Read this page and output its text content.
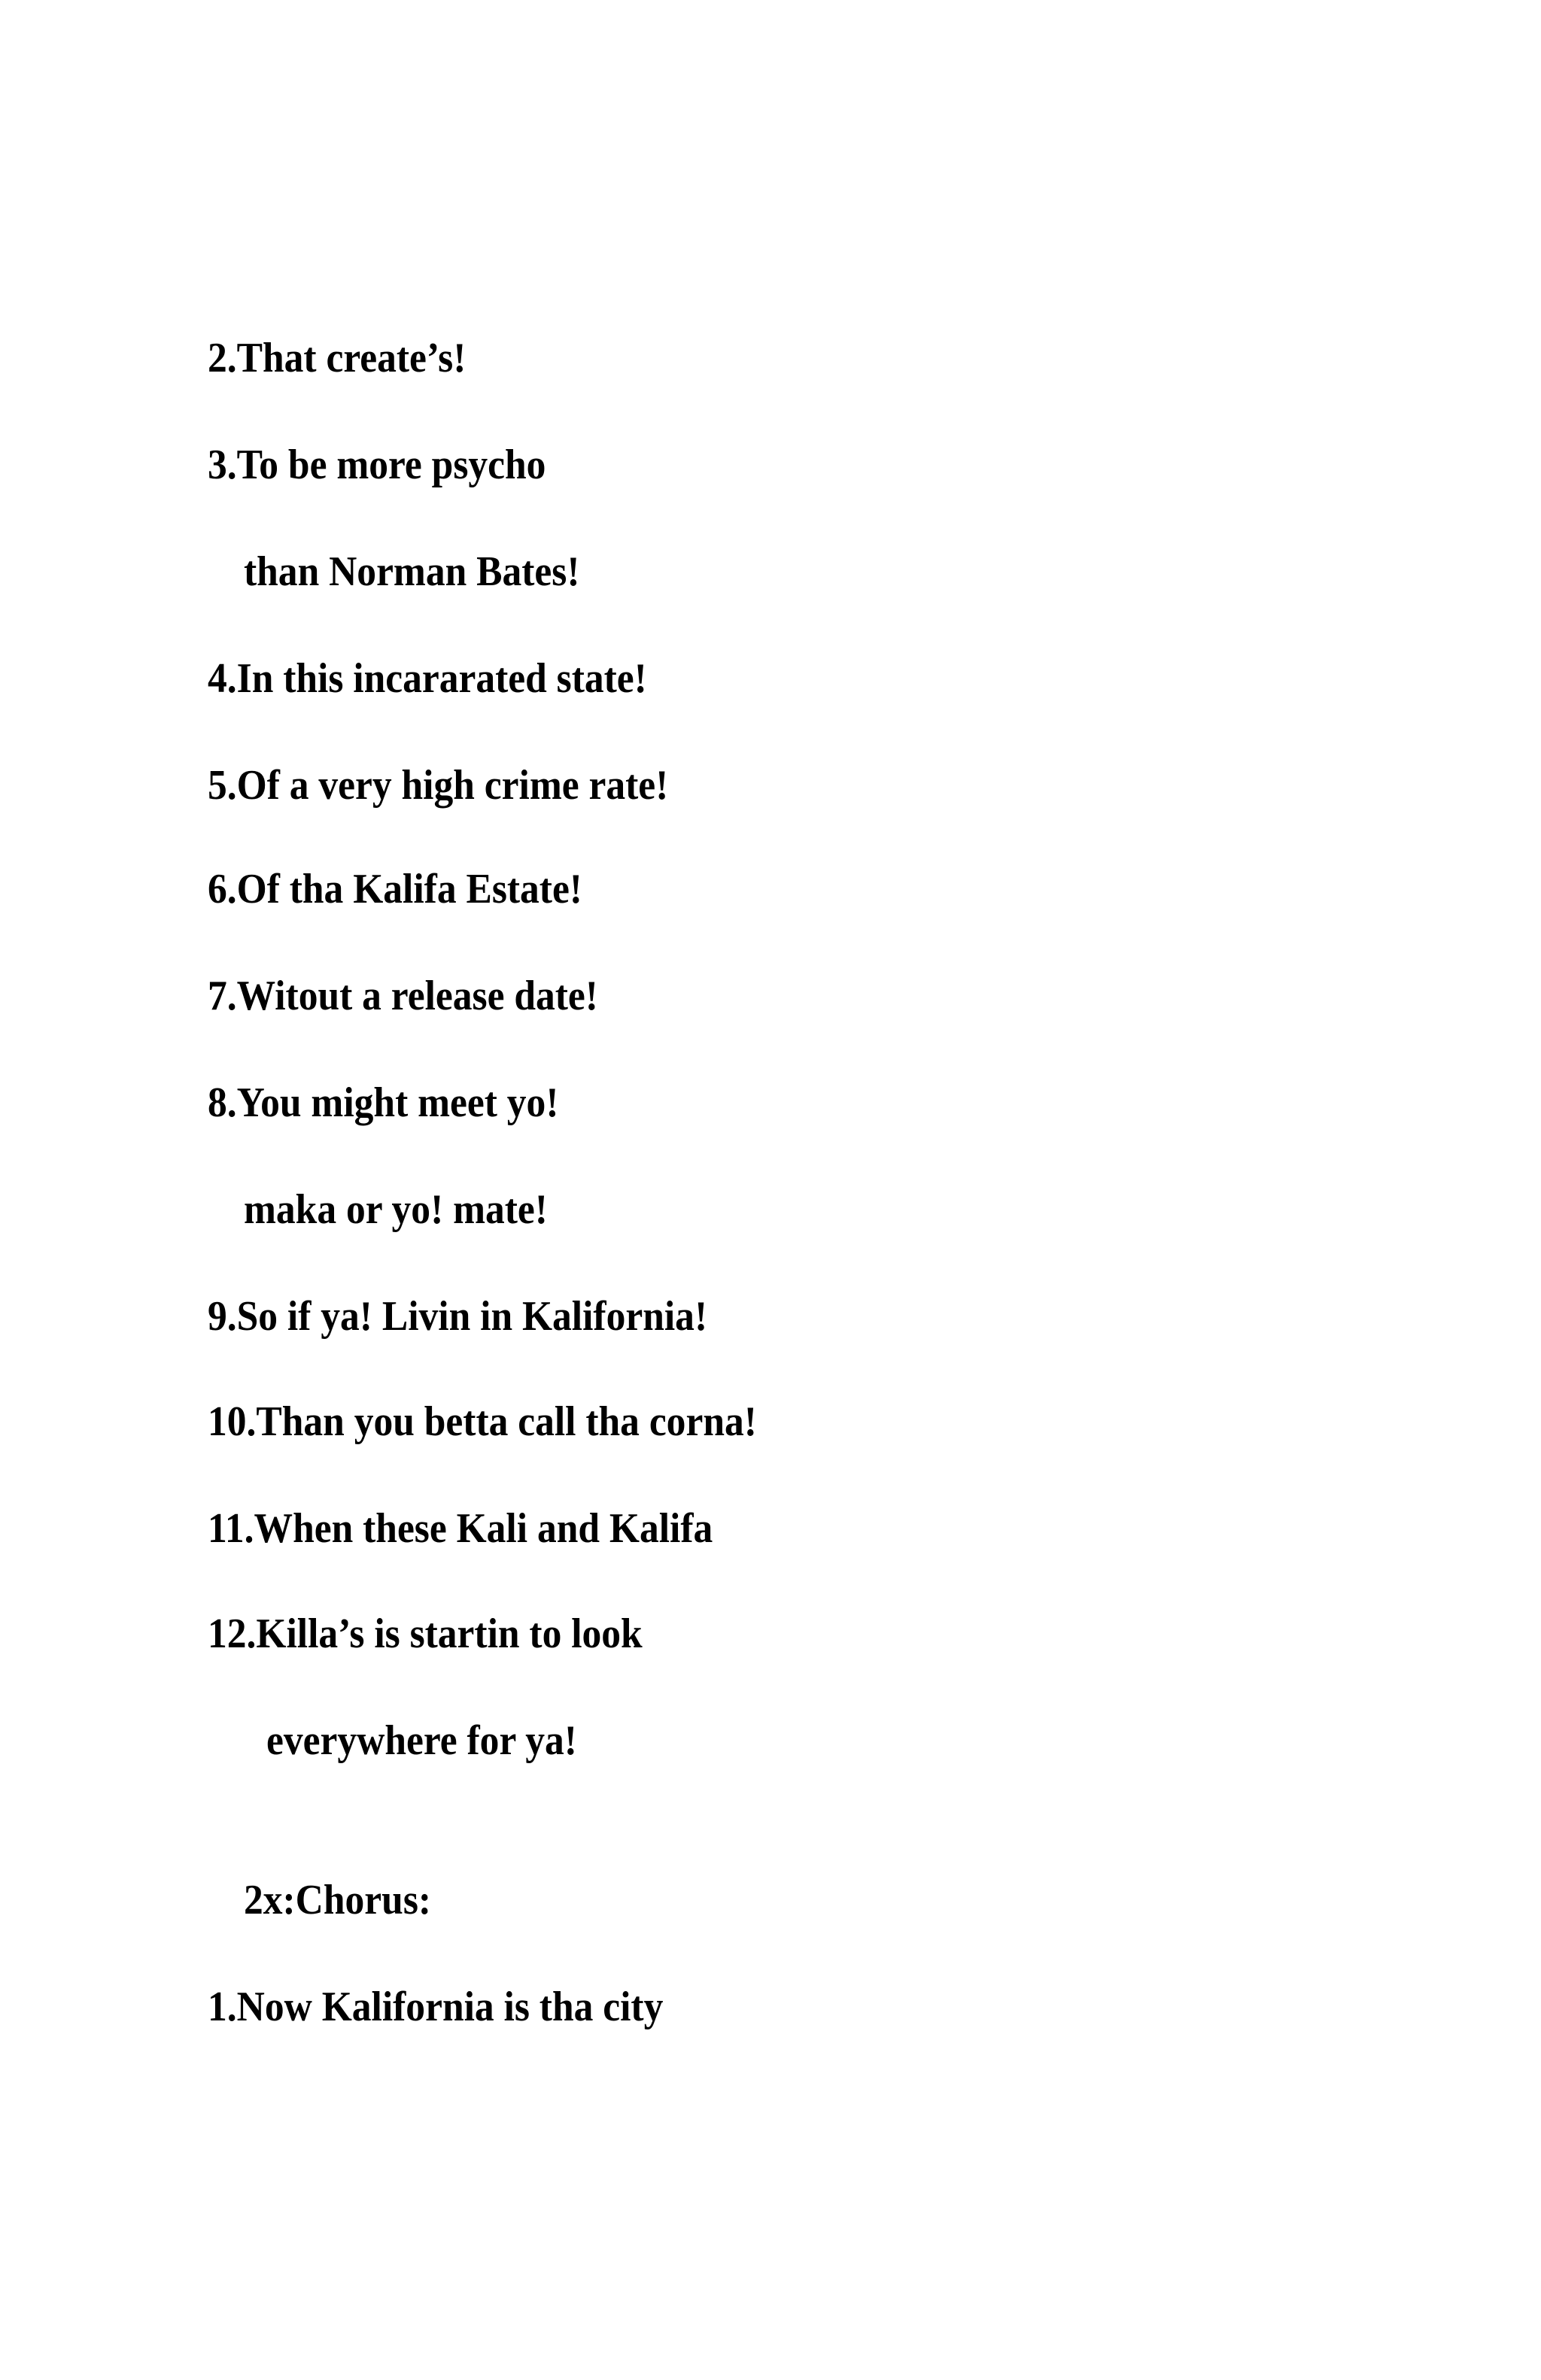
2.That create’s!

3.To be more psycho

than Norman Bates!

4.In this incararated state!

5.Of a very high crime rate!

6.Of tha Kalifa Estate!

7.Witout a release date!

8.You might meet yo!

maka or yo! mate!

9.So if ya! Livin in Kalifornia!

10.Than you betta call tha corna!

11.When these Kali and Kalifa

12.Killa’s is startin to look

everywhere for ya!

2x:Chorus:

1.Now Kalifornia is tha city
